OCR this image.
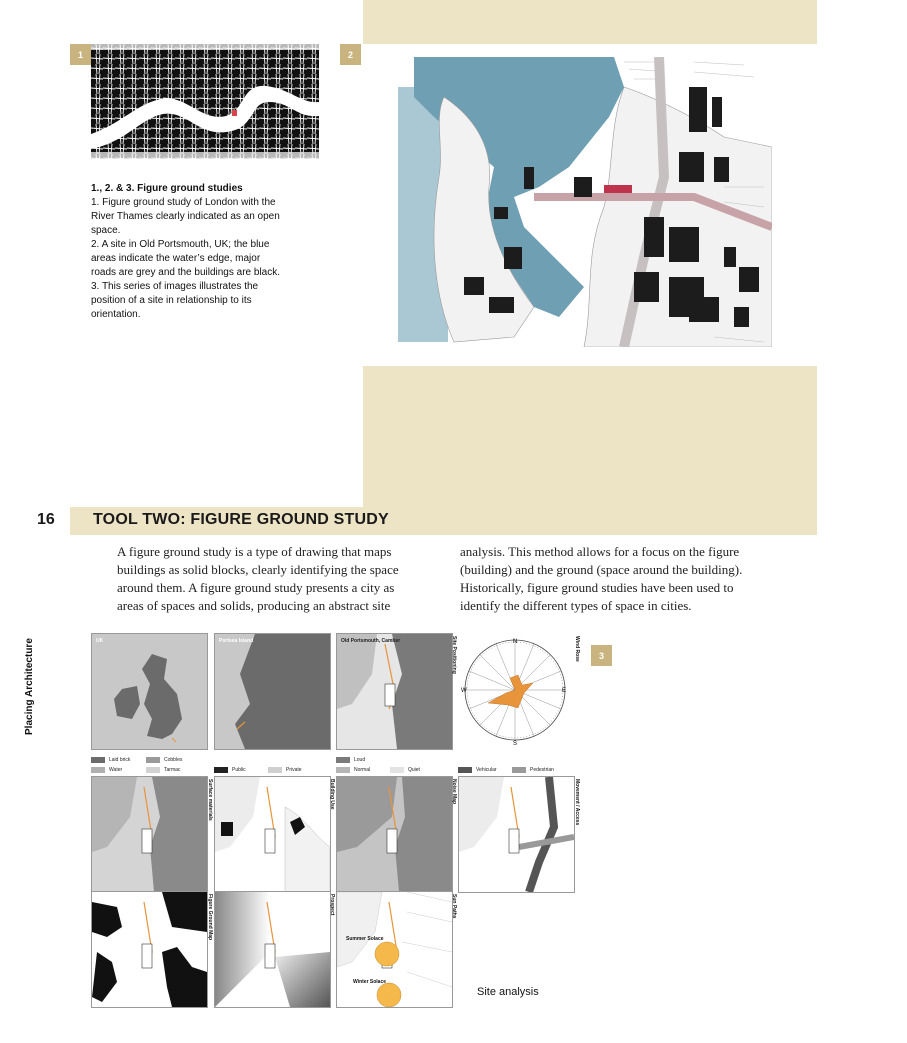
1
1., 2. & 3. Figure ground studies
1. Figure ground study of London with the
River Thames clearly indicated as an open
space.
2. A site in Old Portsmouth, UK; the blue
areas indicate the water’s edge, major
roads are grey and the buildings are black.
3. This series of images illustrates the
position of a site in relationship to its
orientation.
2
16 TOOL TWO: FIGURE GROUND STUDY
A figure ground study is a type of drawing that maps
buildings as solid blocks, clearly identifying the space
around them. A figure ground study presents a city as
areas of spaces and solids, producing an abstract site
analysis. This method allows for a focus on the figure
(building) and the ground (space around the building).
Historically, figure ground studies have been used to
identify the different types of space in cities.
Placing Architecture	3
UK	Portsea Island	Old Portsmouth, Camber	Site Positioning	N
S
E
W
Wind Rose
Laid brick	Cobbles
Water	Tarmac	Public	Private
Loud
Normal	Quiet	Vehicular	Pedestrian
Surface materials	Building Use	Noise Map	Movement / Access
Figure Ground Map	Prospect
Summer Solace
Winter Solace
Sun Paths
Site analysis
